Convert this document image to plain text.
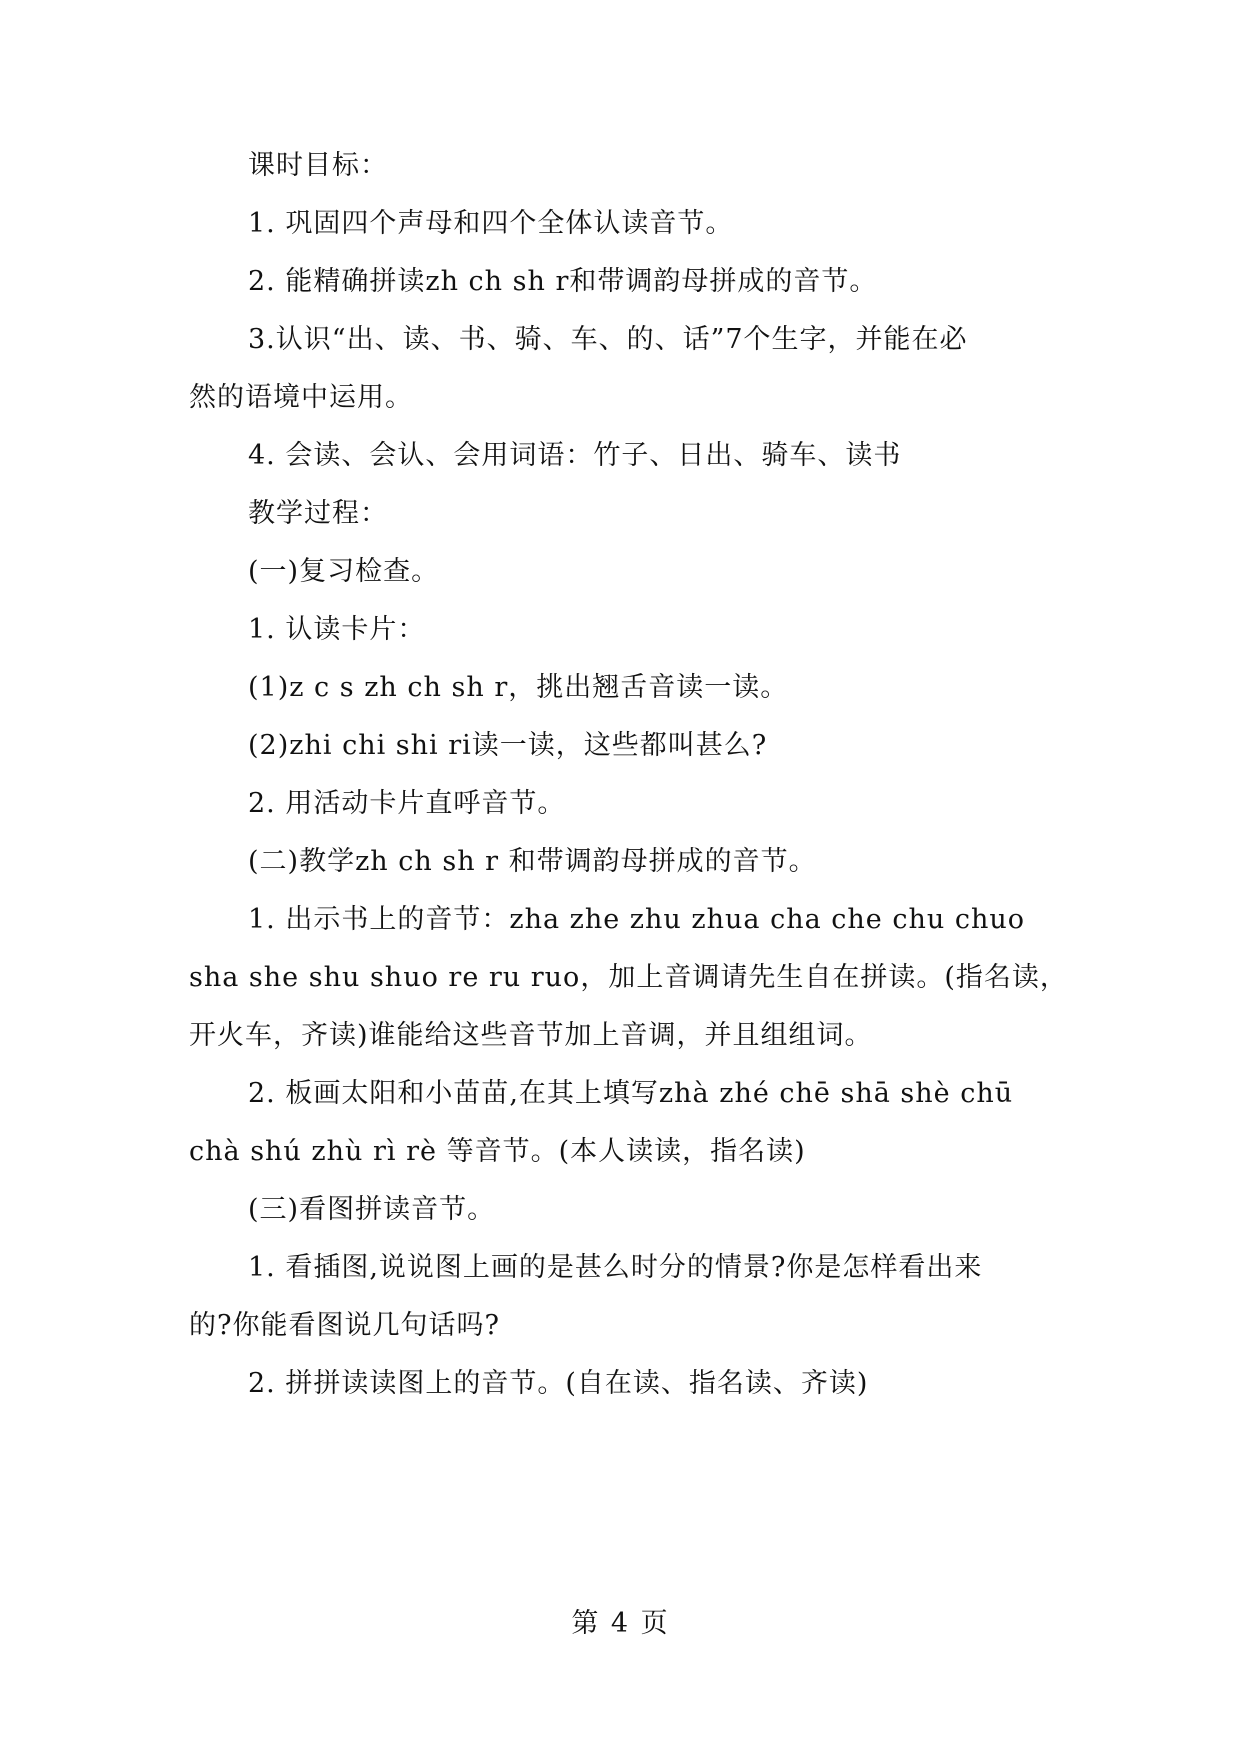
课时目标：
1. 巩固四个声母和四个全体认读音节。
2. 能精确拼读zh ch sh r和带调韵母拼成的音节。
3.认识“出、读、书、骑、车、的、话”7个生字，并能在必
然的语境中运用。
4. 会读、会认、会用词语：竹子、日出、骑车、读书
教学过程：
(一)复习检查。
1. 认读卡片：
(1)z c s zh ch sh r，挑出翘舌音读一读。
(2)zhi chi shi ri读一读，这些都叫甚么?
2. 用活动卡片直呼音节。
(二)教学zh ch sh r 和带调韵母拼成的音节。
1. 出示书上的音节：zha zhe zhu zhua cha che chu chuo
sha she shu shuo re ru ruo，加上音调请先生自在拼读。(指名读，
开火车，齐读)谁能给这些音节加上音调，并且组组词。
2. 板画太阳和小苗苗,在其上填写zhà zhé chē shā shè chū
chà shú zhù rì rè 等音节。(本人读读，指名读)
(三)看图拼读音节。
1. 看插图,说说图上画的是甚么时分的情景?你是怎样看出来
的?你能看图说几句话吗?
2. 拼拼读读图上的音节。(自在读、指名读、齐读)
第 4 页
